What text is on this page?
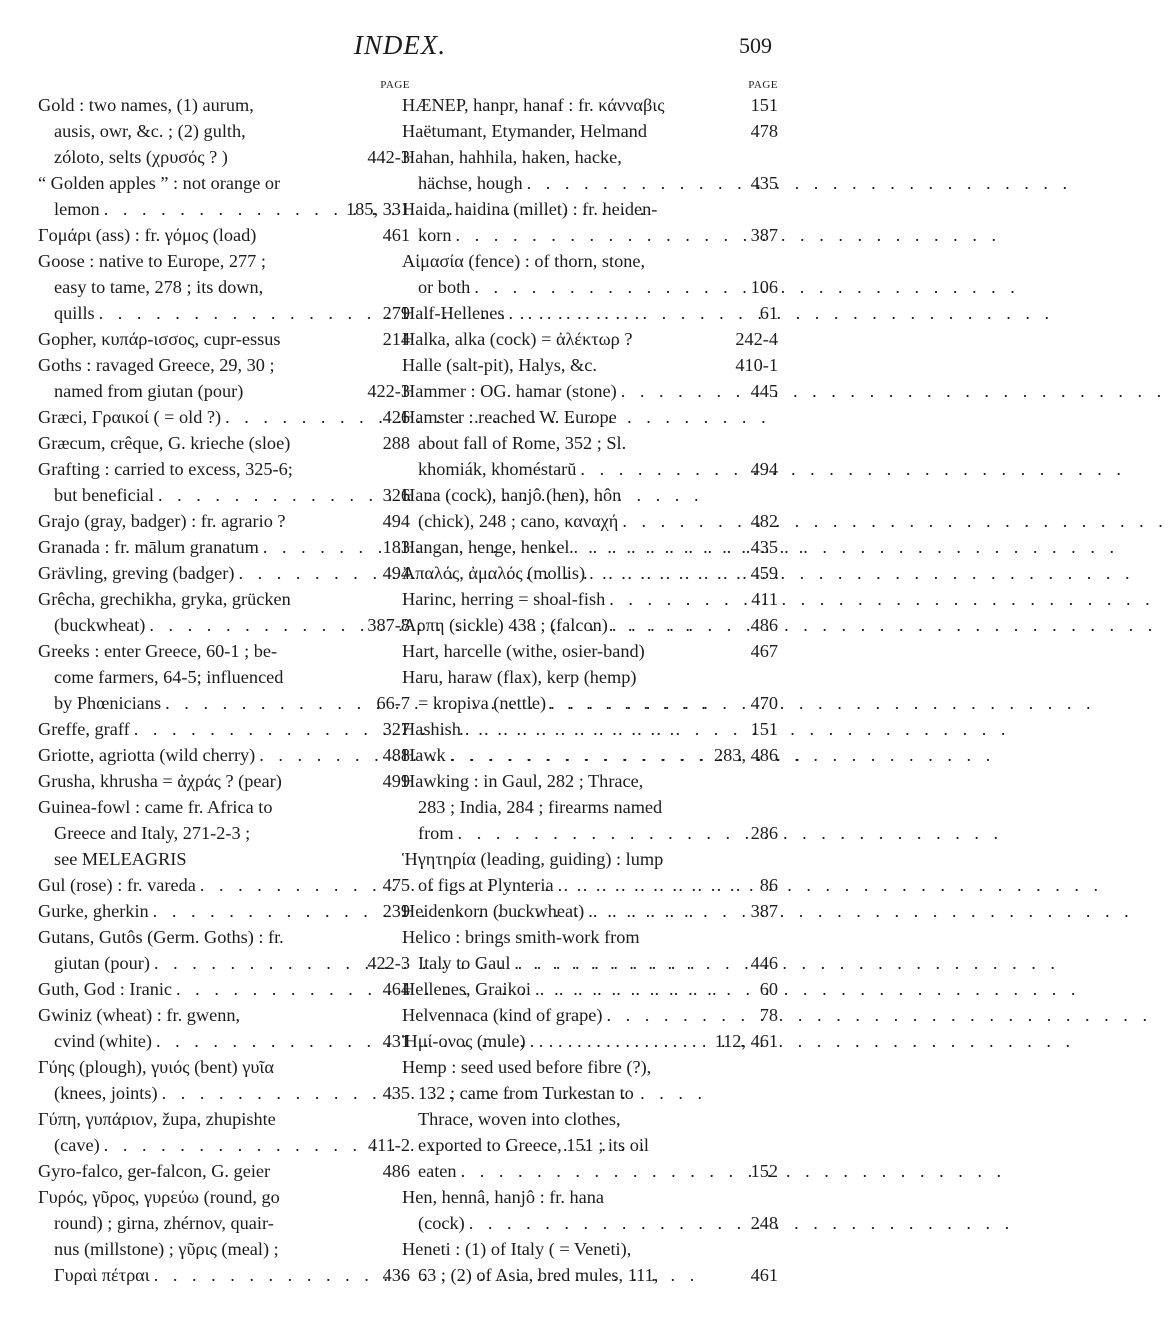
INDEX.	509
PAGE
Gold : two names, (1) aurum,
ausis, owr, &c. ; (2) gulth,
zóloto, selts (χρυσός ? )	442-3
“ Golden apples ” : not orange or
lemon . . .	185, 331
Γομάρι (ass) : fr. γόμος (load)	461
Goose : native to Europe, 277 ;
easy to tame, 278 ; its down,
quills . . .	279
Gopher, κυπάρ-ισσος, cupr-essus	214
Goths : ravaged Greece, 29, 30 ;
named from giutan (pour)	422-3
Græci, Γραικοί ( = old ?) . . .	426
Græcum, crêque, G. krieche (sloe)	288
Grafting : carried to excess, 325-6;
but beneficial . . .	326
Grajo (gray, badger) : fr. agrario ?	494
Granada : fr. mālum granatum . . .	183
Grävling, greving (badger) . . .	494
Grêcha, grechikha, gryka, grücken
(buckwheat) . . .	387-8
Greeks : enter Greece, 60-1 ; be-
come farmers, 64-5; influenced
by Phœnicians . . .	66-7
Greffe, graff . . .	327
Griotte, agriotta (wild cherry) . . .	488
Grusha, khrusha = ἀχράς ? (pear)	499
Guinea-fowl : came fr. Africa to
Greece and Italy, 271-2-3 ;
see MELEAGRIS
Gul (rose) : fr. vareda . . .	475
Gurke, gherkin . . .	239
Gutans, Gutôs (Germ. Goths) : fr.
giutan (pour) . . .	422-3
Guth, God : Iranic . . .	464
Gwiniz (wheat) : fr. gwenn,
cvind (white) . . .	431
Γύης (plough), γυιός (bent) γυῖα
(knees, joints) . . .	435
Γύπη, γυπάριον, župa, zhupishte
(cave) . . .	411-2
Gyro-falco, ger-falcon, G. geier	486
Γυρός, γῦρος, γυρεύω (round, go
round) ; girna, zhérnov, quair-
nus (millstone) ; γῦρις (meal) ;
Γυραὶ πέτραι . . .	436
PAGE
HÆNEP, hanpr, hanaf : fr. κάνναβις	151
Haëtumant, Etymander, Helmand	478
Hahan, hahhila, haken, hacke,
hächse, hough . . .	435
Haida, haidina (millet) : fr. heiden-
korn . . .	387
Αἱμασία (fence) : of thorn, stone,
or both . . .	106
Half-Hellenes . . .	61
Halka, alka (cock) = ἀλέκτωρ ?	242-4
Halle (salt-pit), Halys, &c.	410-1
Hammer : OG. hamar (stone) . . .	445
Hamster : reached W. Europe
about fall of Rome, 352 ; Sl.
khomiák, khoméstarŭ . . .	494
Hana (cock), hanjô (hen), hôn
(chick), 248 ; cano, καναχή . . .	482
Hangan, henge, henkel . . .	435
Ἀπαλός, ἀμαλός (mollis) . . .	459
Harinc, herring = shoal-fish . . .	411
Ἅρπη (sickle) 438 ; (falcon) . . .	486
Hart, harcelle (withe, osier-band)	467
Haru, haraw (flax), kerp (hemp)
= kropiva (nettle) . . .	470
Hashish . . .	151
Hawk . . .	283, 486
Hawking : in Gaul, 282 ; Thrace,
283 ; India, 284 ; firearms named
from . . .	286
Ἡγητηρία (leading, guiding) : lump
of figs at Plynteria . . .	86
Heidenkorn (buckwheat) . . .	387
Helico : brings smith-work from
Italy to Gaul . . .	446
Hellenes, Graikoi . . .	60
Helvennaca (kind of grape) . . .	78
Ἡμί-ονος (mule) . . .	112, 461
Hemp : seed used before fibre (?),
132 ; came from Turkestan to
Thrace, woven into clothes,
exported to Greece, 151 ; its oil
eaten . . .	152
Hen, hennâ, hanjô : fr. hana
(cock) . . .	248
Heneti : (1) of Italy ( = Veneti),
63 ; (2) of Asia, bred mules, 111,	461
